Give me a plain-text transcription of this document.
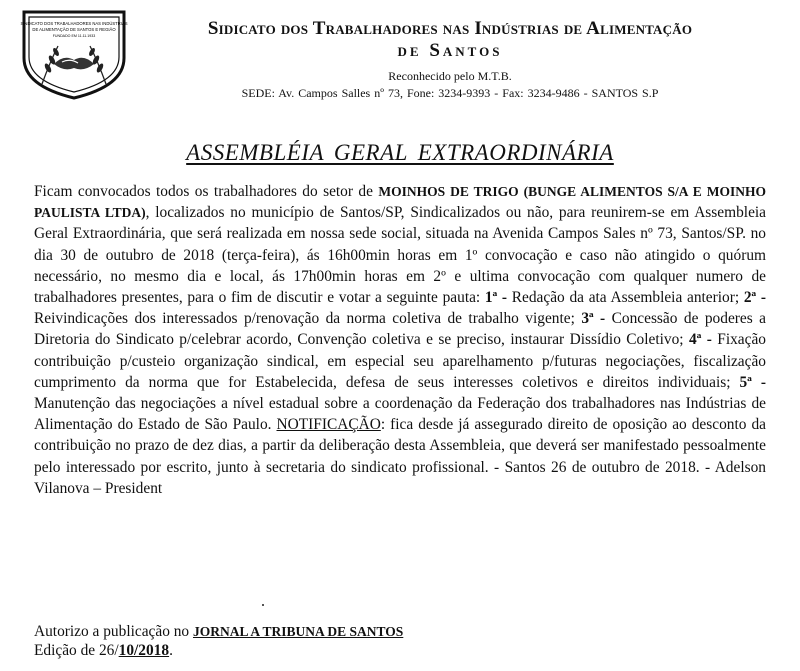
SINDICATO DOS TRABALHADORES NAS INDÚSTRIAS
DE ALIMENTAÇÃO DE SANTOS E REGIÃO
FUNDADO EM 11.11.1933	Sidicato dos Trabalhadores nas Indústrias de Alimentação
de Santos
Reconhecido pelo M.T.B.
SEDE: Av. Campos Salles nº 73, Fone: 3234-9393 - Fax: 3234-9486 - SANTOS S.P
ASSEMBLÉIA GERAL EXTRAORDINÁRIA
Ficam convocados todos os trabalhadores do setor de MOINHOS DE TRIGO (BUNGE ALIMENTOS S/A E MOINHO PAULISTA LTDA), localizados no município de Santos/SP, Sindicalizados ou não, para reunirem-se em Assembleia Geral Extraordinária, que será realizada em nossa sede social, situada na Avenida Campos Sales nº 73, Santos/SP. no dia 30 de outubro de 2018 (terça-feira), ás 16h00min horas em 1º convocação e caso não atingido o quórum necessário, no mesmo dia e local, ás 17h00min horas em 2º e ultima convocação com qualquer numero de trabalhadores presentes, para o fim de discutir e votar a seguinte pauta: 1ª - Redação da ata Assembleia anterior; 2ª - Reivindicações dos interessados p/renovação da norma coletiva de trabalho vigente; 3ª - Concessão de poderes a Diretoria do Sindicato p/celebrar acordo, Convenção coletiva e se preciso, instaurar Dissídio Coletivo; 4ª - Fixação contribuição p/custeio organização sindical, em especial seu aparelhamento p/futuras negociações, fiscalização cumprimento da norma que for Estabelecida, defesa de seus interesses coletivos e direitos individuais; 5ª - Manutenção das negociações a nível estadual sobre a coordenação da Federação dos trabalhadores nas Indústrias de Alimentação do Estado de São Paulo. NOTIFICAÇÃO: fica desde já assegurado direito de oposição ao desconto da contribuição no prazo de dez dias, a partir da deliberação desta Assembleia, que deverá ser manifestado pessoalmente pelo interessado por escrito, junto à secretaria do sindicato profissional. - Santos 26 de outubro de 2018. - Adelson Vilanova – President
Autorizo a publicação no JORNAL A TRIBUNA DE SANTOS
Edição de 26/10/2018.
